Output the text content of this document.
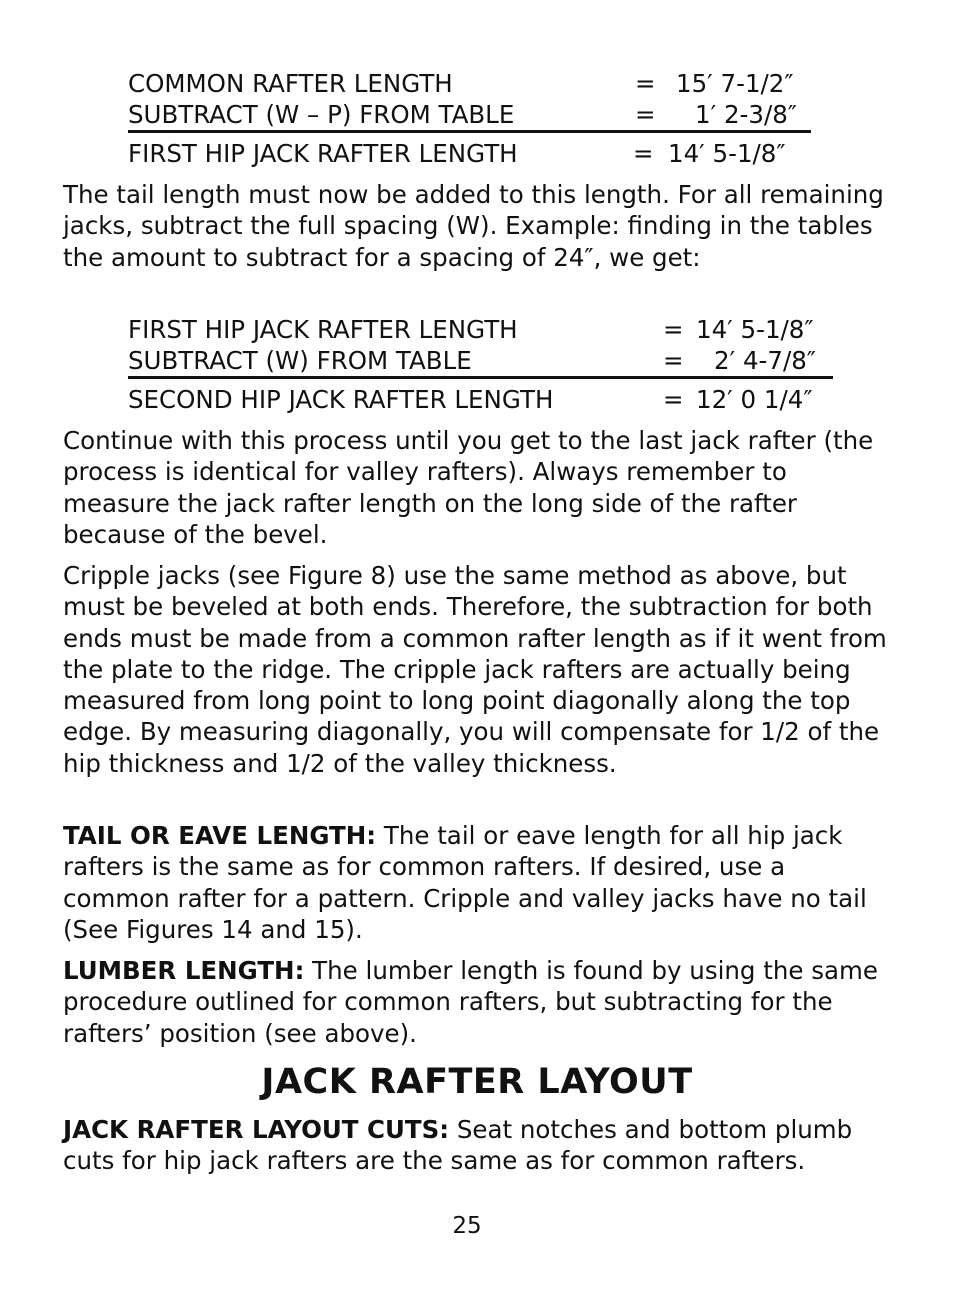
COMMON RAFTER LENGTH	= 15′ 7-1/2″
SUBTRACT (W – P) FROM TABLE	= 1′ 2-3/8″
FIRST HIP JACK RAFTER LENGTH	= 14′ 5-1/8″

The tail length must now be added to this length. For all remaining jacks, subtract the full spacing (W). Example: finding in the tables the amount to subtract for a spacing of 24″, we get:

FIRST HIP JACK RAFTER LENGTH	= 14′ 5-1/8″
SUBTRACT (W) FROM TABLE	= 2′ 4-7/8″
SECOND HIP JACK RAFTER LENGTH	= 12′ 0 1/4″

Continue with this process until you get to the last jack rafter (the process is identical for valley rafters). Always remember to measure the jack rafter length on the long side of the rafter because of the bevel.

Cripple jacks (see Figure 8) use the same method as above, but must be beveled at both ends. Therefore, the subtraction for both ends must be made from a common rafter length as if it went from the plate to the ridge. The cripple jack rafters are actually being measured from long point to long point diagonally along the top edge. By measuring diagonally, you will compensate for 1/2 of the hip thickness and 1/2 of the valley thickness.

TAIL OR EAVE LENGTH: The tail or eave length for all hip jack rafters is the same as for common rafters. If desired, use a common rafter for a pattern. Cripple and valley jacks have no tail (See Figures 14 and 15).

LUMBER LENGTH: The lumber length is found by using the same procedure outlined for common rafters, but subtracting for the rafters’ position (see above).

JACK RAFTER LAYOUT

JACK RAFTER LAYOUT CUTS: Seat notches and bottom plumb cuts for hip jack rafters are the same as for common rafters.

25
